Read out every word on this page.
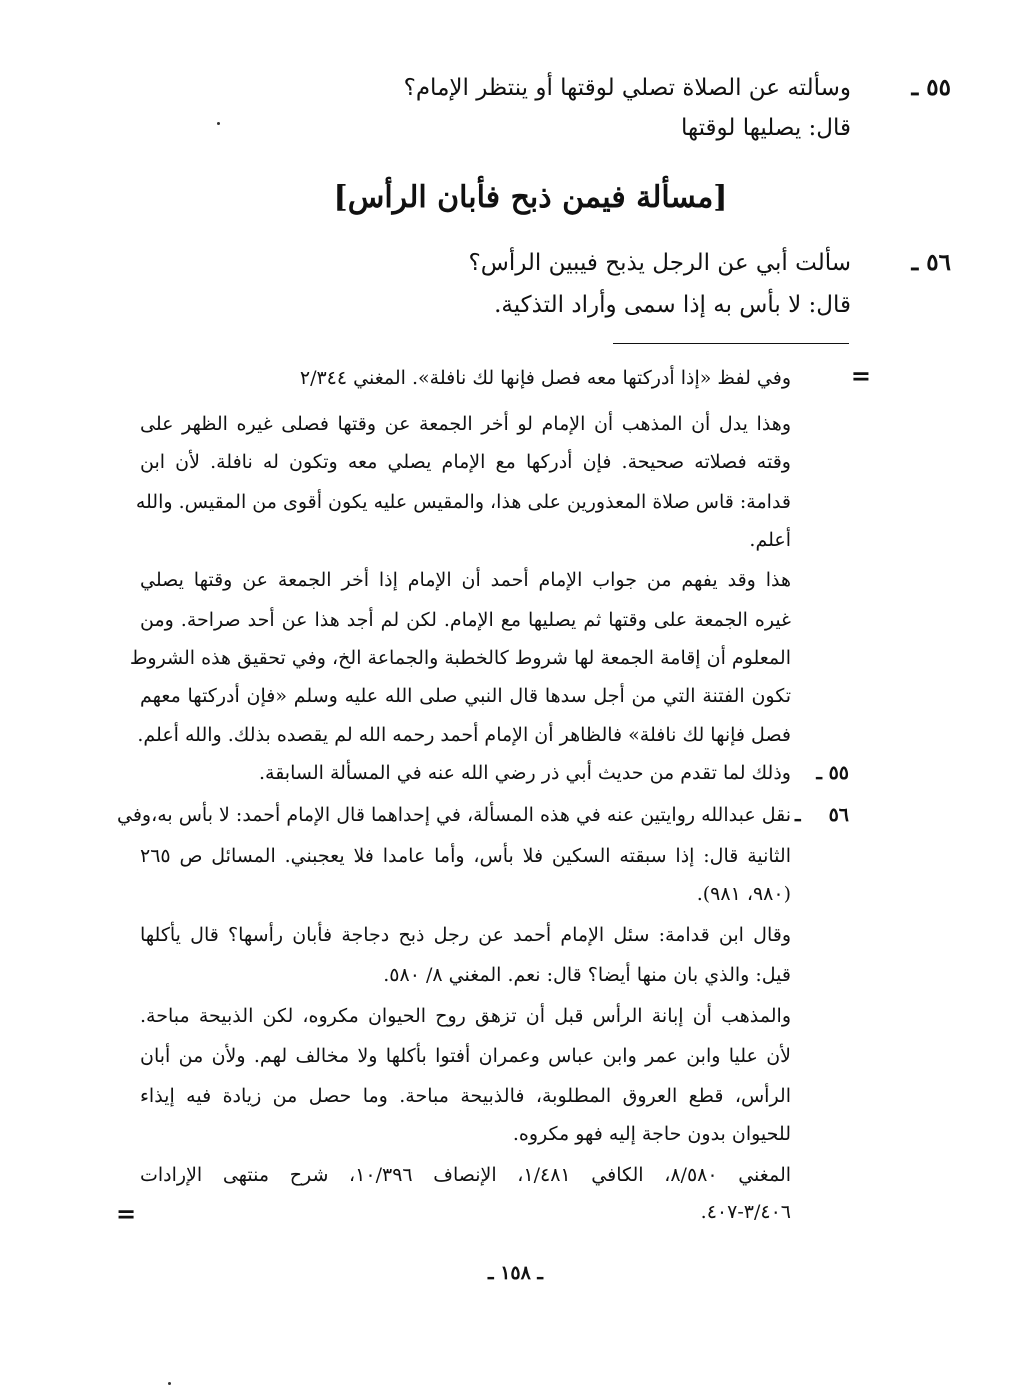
٥٥ ـ
وسألته عن الصلاة تصلي لوقتها أو ينتظر الإمام؟
قال: يصليها لوقتها
[مسألة فيمن ذبح فأبان الرأس]
٥٦ ـ
سألت أبي عن الرجل يذبح فيبين الرأس؟
قال: لا بأس به إذا سمى وأراد التذكية.
=
وفي لفظ «إذا أدركتها معه فصل فإنها لك نافلة». المغني ٢/٣٤٤
وهذا يدل أن المذهب أن الإمام لو أخر الجمعة عن وقتها فصلى غيره الظهر على
وقته فصلاته صحيحة. فإن أدركها مع الإمام يصلي معه وتكون له نافلة. لأن ابن
قدامة: قاس صلاة المعذورين على هذا، والمقيس عليه يكون أقوى من المقيس. والله
أعلم.
هذا وقد يفهم من جواب الإمام أحمد أن الإمام إذا أخر الجمعة عن وقتها يصلي
غيره الجمعة على وقتها ثم يصليها مع الإمام. لكن لم أجد هذا عن أحد صراحة. ومن
المعلوم أن إقامة الجمعة لها شروط كالخطبة والجماعة الخ، وفي تحقيق هذه الشروط
تكون الفتنة التي من أجل سدها قال النبي صلى الله عليه وسلم «فإن أدركتها معهم
فصل فإنها لك نافلة» فالظاهر أن الإمام أحمد رحمه الله لم يقصده بذلك. والله أعلم.
٥٥ ـ
وذلك لما تقدم من حديث أبي ذر رضي الله عنه في المسألة السابقة.
٥٦ ـ
نقل عبدالله روايتين عنه في هذه المسألة، في إحداهما قال الإمام أحمد: لا بأس به،وفي
الثانية قال: إذا سبقته السكين فلا بأس، وأما عامدا فلا يعجبني. المسائل ص ٢٦٥
(٩٨٠، ٩٨١).
وقال ابن قدامة: سئل الإمام أحمد عن رجل ذبح دجاجة فأبان رأسها؟ قال يأكلها
قيل: والذي بان منها أيضا؟ قال: نعم. المغني ٨/ ٥٨٠.
والمذهب أن إبانة الرأس قبل أن تزهق روح الحيوان مكروه، لكن الذبيحة مباحة.
لأن عليا وابن عمر وابن عباس وعمران أفتوا بأكلها ولا مخالف لهم. ولأن من أبان
الرأس، قطع العروق المطلوبة، فالذبيحة مباحة. وما حصل من زيادة فيه إيذاء
للحيوان بدون حاجة إليه فهو مكروه.
المغني ٨/٥٨٠، الكافي ١/٤٨١، الإنصاف ١٠/٣٩٦، شرح منتهى الإرادات
٣/٤٠٦-٤٠٧.
=
ـ ١٥٨ ـ
